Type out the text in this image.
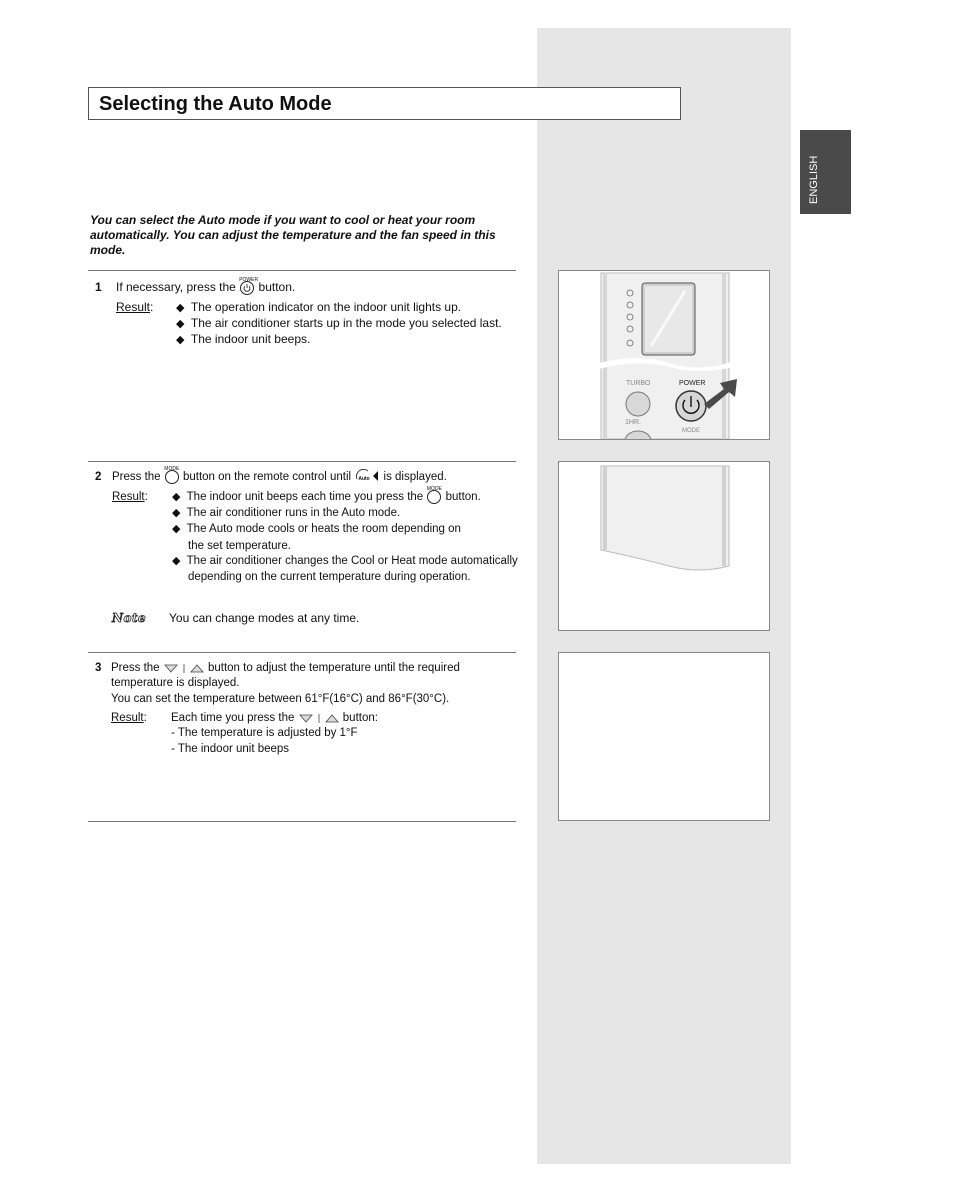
Selecting the Auto Mode
ENGLISH
You can select the Auto mode if you want to cool or heat your room automatically. You can adjust the temperature and the fan speed in this mode.
1 If necessary, press the
POWER
button.
Result: ◆ The operation indicator on the indoor unit lights up.
◆ The air conditioner starts up in the mode you selected last.
◆ The indoor unit beeps.
TURBO	POWER
1HR.
MODE
2 Press the
MODE
button on the remote control until Auto is displayed.
Result: ◆ The indoor unit beeps each time you press the
MODE
button.
◆ The air conditioner runs in the Auto mode.
◆ The Auto mode cools or heats the room depending on
the set temperature.
◆ The air conditioner changes the Cool or Heat mode automatically
depending on the current temperature during operation.
Note You can change modes at any time.
3 Press the	button to adjust the temperature until the required
temperature is displayed.
You can set the temperature between 61°F(16°C) and 86°F(30°C).
Result: Each time you press the	button:
- The temperature is adjusted by 1°F
- The indoor unit beeps
